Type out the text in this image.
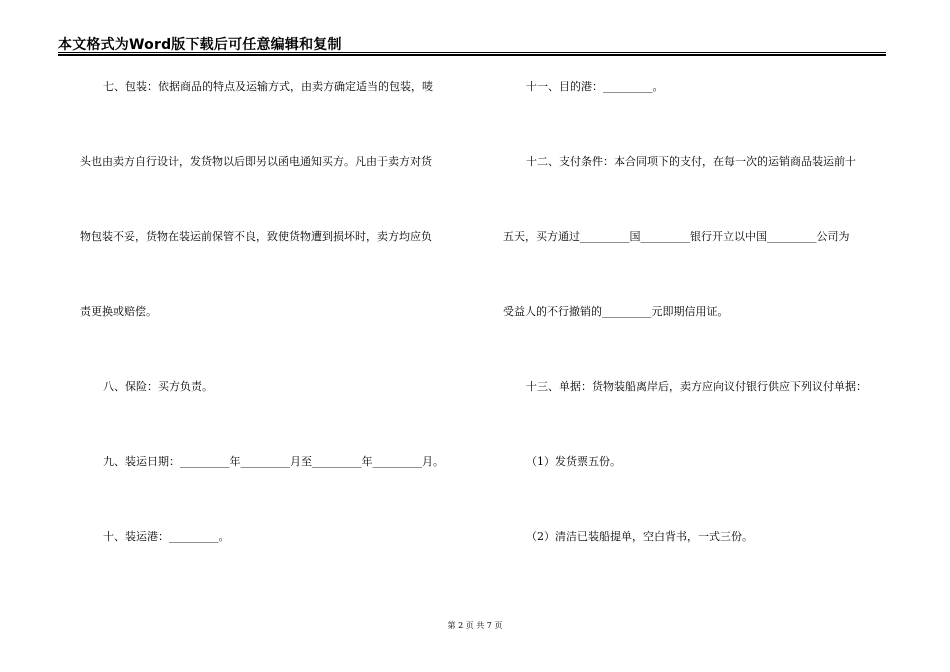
本文格式为Word版下载后可任意编辑和复制

七、包装：依据商品的特点及运输方式，由卖方确定适当的包装，唛

头也由卖方自行设计，发货物以后即另以函电通知买方。凡由于卖方对货

物包装不妥，货物在装运前保管不良，致使货物遭到损坏时，卖方均应负

责更换或赔偿。

八、保险：买方负责。

九、装运日期：_________年_________月至_________年_________月。

十、装运港：_________。

十一、目的港：_________。

十二、支付条件：本合同项下的支付，在每一次的运销商品装运前十

五天，买方通过_________国_________银行开立以中国_________公司为

受益人的不行撤销的_________元即期信用证。

十三、单据：货物装船离岸后，卖方应向议付银行供应下列议付单据：

（1）发货票五份。

（2）清洁已装船提单，空白背书，一式三份。

第 2 页 共 7 页
